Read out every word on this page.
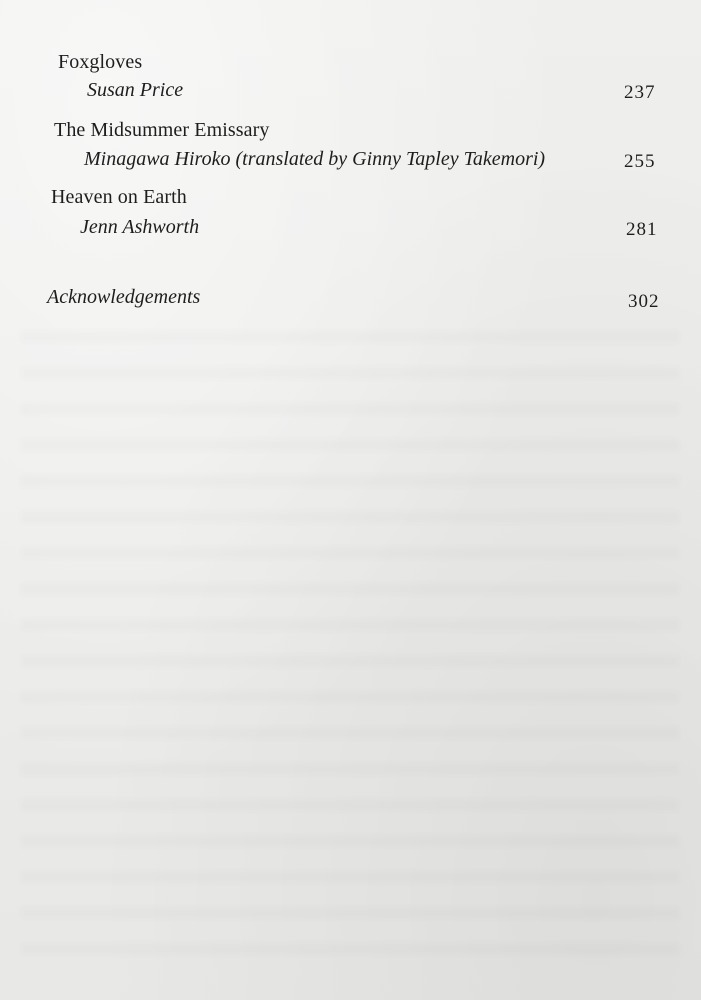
Foxgloves
Susan Price	237
The Midsummer Emissary
Minagawa Hiroko (translated by Ginny Tapley Takemori)	255
Heaven on Earth
Jenn Ashworth	281
Acknowledgements	302
